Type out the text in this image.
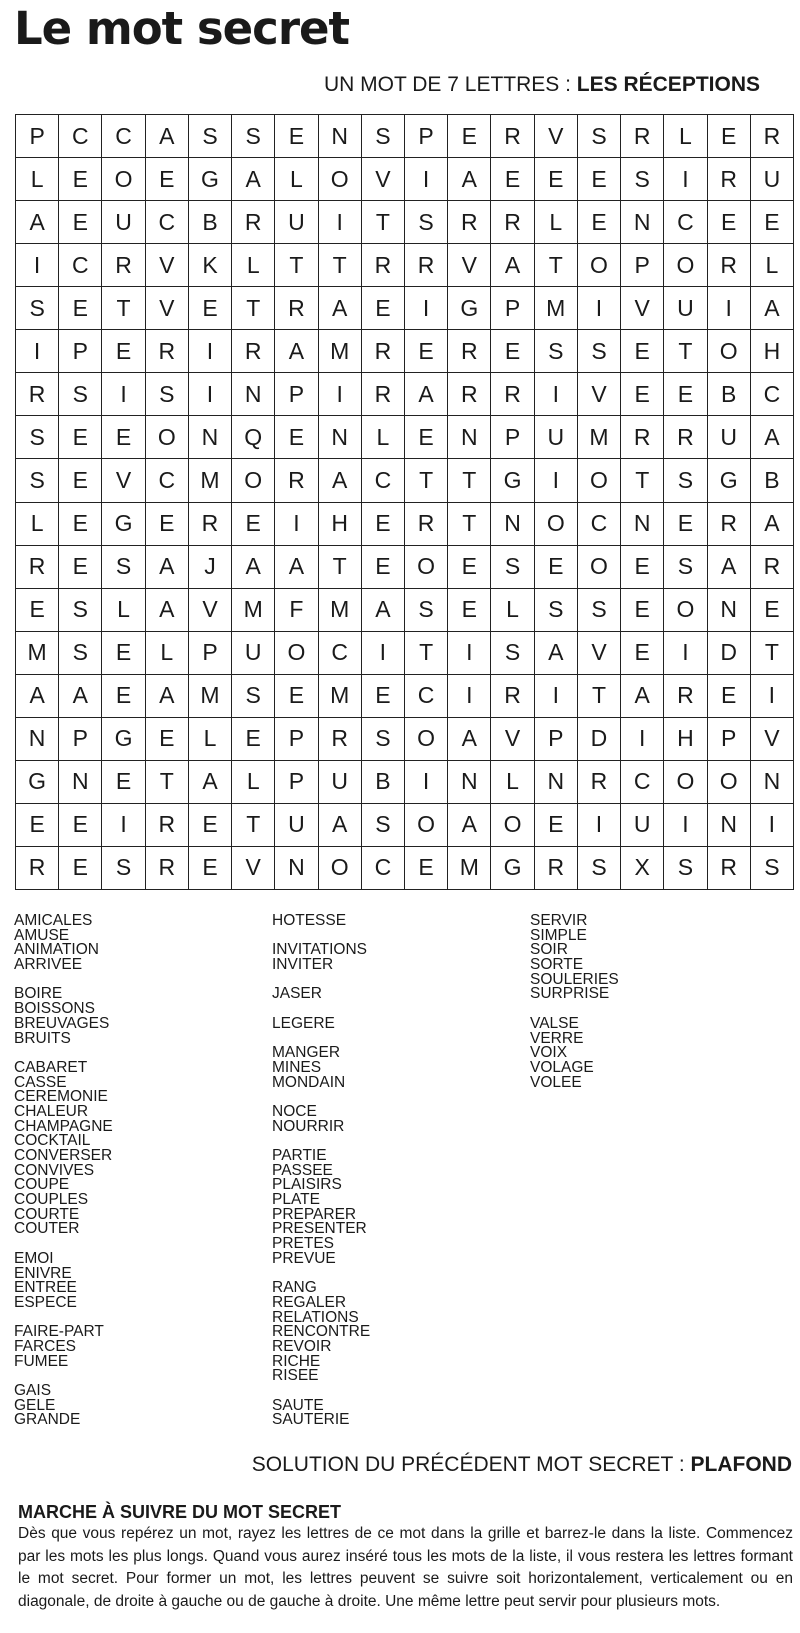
Le mot secret
UN MOT DE 7 LETTRES : LES RÉCEPTIONS
P	C	C	A	S	S	E	N	S	P	E	R	V	S	R	L	E	R
L	E	O	E	G	A	L	O	V	I	A	E	E	E	S	I	R	U
A	E	U	C	B	R	U	I	T	S	R	R	L	E	N	C	E	E
I	C	R	V	K	L	T	T	R	R	V	A	T	O	P	O	R	L
S	E	T	V	E	T	R	A	E	I	G	P	M	I	V	U	I	A
I	P	E	R	I	R	A	M	R	E	R	E	S	S	E	T	O	H
R	S	I	S	I	N	P	I	R	A	R	R	I	V	E	E	B	C
S	E	E	O	N	Q	E	N	L	E	N	P	U	M	R	R	U	A
S	E	V	C	M	O	R	A	C	T	T	G	I	O	T	S	G	B
L	E	G	E	R	E	I	H	E	R	T	N	O	C	N	E	R	A
R	E	S	A	J	A	A	T	E	O	E	S	E	O	E	S	A	R
E	S	L	A	V	M	F	M	A	S	E	L	S	S	E	O	N	E
M	S	E	L	P	U	O	C	I	T	I	S	A	V	E	I	D	T
A	A	E	A	M	S	E	M	E	C	I	R	I	T	A	R	E	I
N	P	G	E	L	E	P	R	S	O	A	V	P	D	I	H	P	V
G	N	E	T	A	L	P	U	B	I	N	L	N	R	C	O	O	N
E	E	I	R	E	T	U	A	S	O	A	O	E	I	U	I	N	I
R	E	S	R	E	V	N	O	C	E	M	G	R	S	X	S	R	S
AMICALES
AMUSE
ANIMATION
ARRIVEE
BOIRE
BOISSONS
BREUVAGES
BRUITS
CABARET
CASSE
CEREMONIE
CHALEUR
CHAMPAGNE
COCKTAIL
CONVERSER
CONVIVES
COUPE
COUPLES
COURTE
COUTER
EMOI
ENIVRE
ENTREE
ESPECE
FAIRE-PART
FARCES
FUMEE
GAIS
GELE
GRANDE
HOTESSE
INVITATIONS
INVITER
JASER
LEGERE
MANGER
MINES
MONDAIN
NOCE
NOURRIR
PARTIE
PASSEE
PLAISIRS
PLATE
PREPARER
PRESENTER
PRETES
PREVUE
RANG
REGALER
RELATIONS
RENCONTRE
REVOIR
RICHE
RISEE
SAUTE
SAUTERIE
SERVIR
SIMPLE
SOIR
SORTE
SOULERIES
SURPRISE
VALSE
VERRE
VOIX
VOLAGE
VOLEE
SOLUTION DU PRÉCÉDENT MOT SECRET : PLAFOND
MARCHE À SUIVRE DU MOT SECRET
Dès que vous repérez un mot, rayez les lettres de ce mot dans la grille et barrez-le dans la liste. Commencez par les mots les plus longs. Quand vous aurez inséré tous les mots de la liste, il vous restera les lettres formant le mot secret. Pour former un mot, les lettres peuvent se suivre soit horizontalement, verticalement ou en diagonale, de droite à gauche ou de gauche à droite. Une même lettre peut servir pour plusieurs mots.
